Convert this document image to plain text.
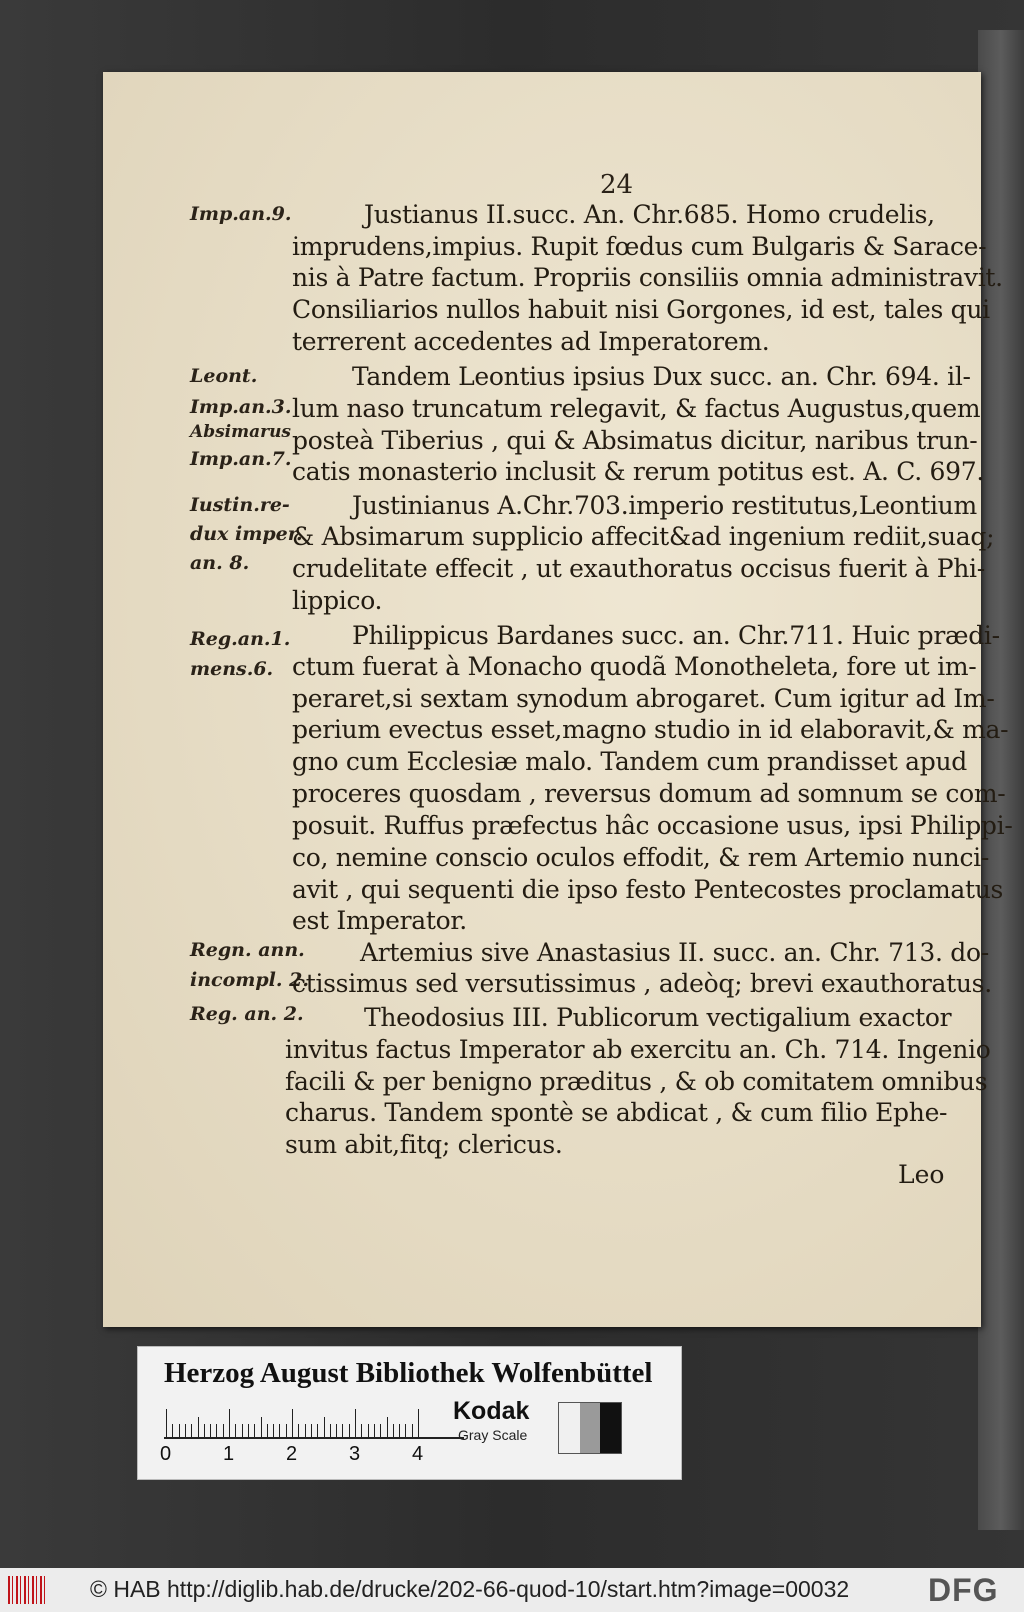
24
Imp.an.9.
Leont.
Imp.an.3.
Absimarus
Imp.an.7.
Iustin.re-
dux imper.
an. 8.
Reg.an.1.
mens.6.
Regn. ann.
incompl. 2.
Reg. an. 2.
Justianus II.succ. An. Chr.685. Homo crudelis,
imprudens,impius. Rupit fœdus cum Bulgaris & Sarace-
nis à Patre factum. Propriis consiliis omnia administravit.
Consiliarios nullos habuit nisi Gorgones, id est, tales qui
terrerent accedentes ad Imperatorem.
Tandem Leontius ipsius Dux succ. an. Chr. 694. il-
lum naso truncatum relegavit, & factus Augustus,quem
posteà Tiberius , qui & Absimatus dicitur, naribus trun-
catis monasterio inclusit & rerum potitus est. A. C. 697.
Justinianus A.Chr.703.imperio restitutus,Leontium
& Absimarum supplicio affecit&ad ingenium rediit,suaq;
crudelitate effecit , ut exauthoratus occisus fuerit à Phi-
lippico.
Philippicus Bardanes succ. an. Chr.711. Huic prædi-
ctum fuerat à Monacho quodã Monotheleta, fore ut im-
peraret,si sextam synodum abrogaret. Cum igitur ad Im-
perium evectus esset,magno studio in id elaboravit,& ma-
gno cum Ecclesiæ malo. Tandem cum prandisset apud
proceres quosdam , reversus domum ad somnum se com-
posuit. Ruffus præfectus hâc occasione usus, ipsi Philippi-
co, nemine conscio oculos effodit, & rem Artemio nunci-
avit , qui sequenti die ipso festo Pentecostes proclamatus
est Imperator.
Artemius sive Anastasius II. succ. an. Chr. 713. do-
ctissimus sed versutissimus , adeòq; brevi exauthoratus.
Theodosius III. Publicorum vectigalium exactor
invitus factus Imperator ab exercitu an. Ch. 714. Ingenio
facili & per benigno præditus , & ob comitatem omnibus
charus. Tandem spontè se abdicat , & cum filio Ephe-
sum abit,fitq; clericus.
Leo
Herzog August Bibliothek Wolfenbüttel
0	1	2	3	4
Kodak
Gray Scale
© HAB http://diglib.hab.de/drucke/202-66-quod-10/start.htm?image=00032 DFG
